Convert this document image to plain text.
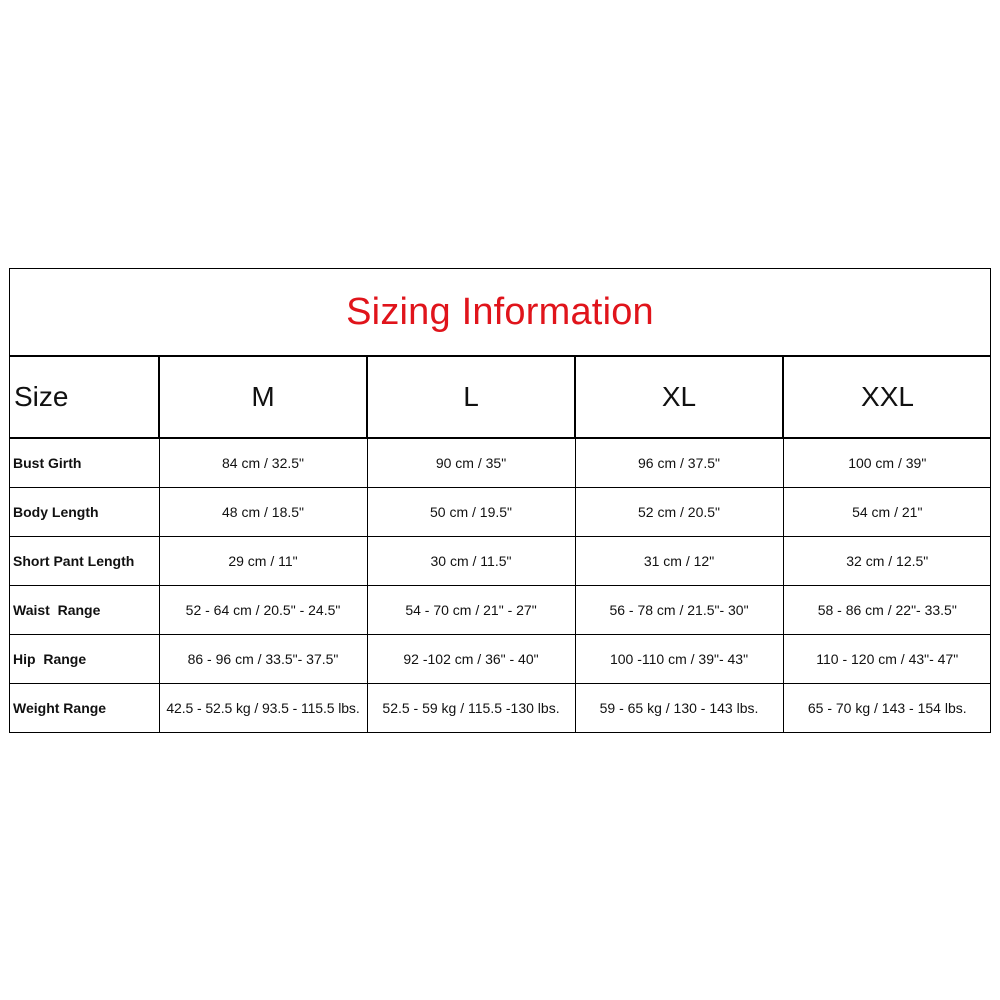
Sizing Information
Size	M	L	XL	XXL
Bust Girth	84 cm / 32.5"	90 cm / 35"	96 cm / 37.5"	100 cm / 39"
Body Length	48 cm / 18.5"	50 cm / 19.5"	52 cm / 20.5"	54 cm / 21"
Short Pant Length	29 cm / 11"	30 cm / 11.5"	31 cm / 12"	32 cm / 12.5"
Waist  Range	52 - 64 cm / 20.5" - 24.5"	54 - 70 cm / 21" - 27"	56 - 78 cm / 21.5"- 30"	58 - 86 cm / 22"- 33.5"
Hip  Range	86 - 96 cm / 33.5"- 37.5"	92 -102 cm / 36" - 40"	100 -110 cm / 39"- 43"	110 - 120 cm / 43"- 47"
Weight Range	42.5 - 52.5 kg / 93.5 - 115.5 lbs.	52.5 - 59 kg / 115.5 -130 lbs.	59 - 65 kg / 130 - 143 lbs.	65 - 70 kg / 143 - 154 lbs.
